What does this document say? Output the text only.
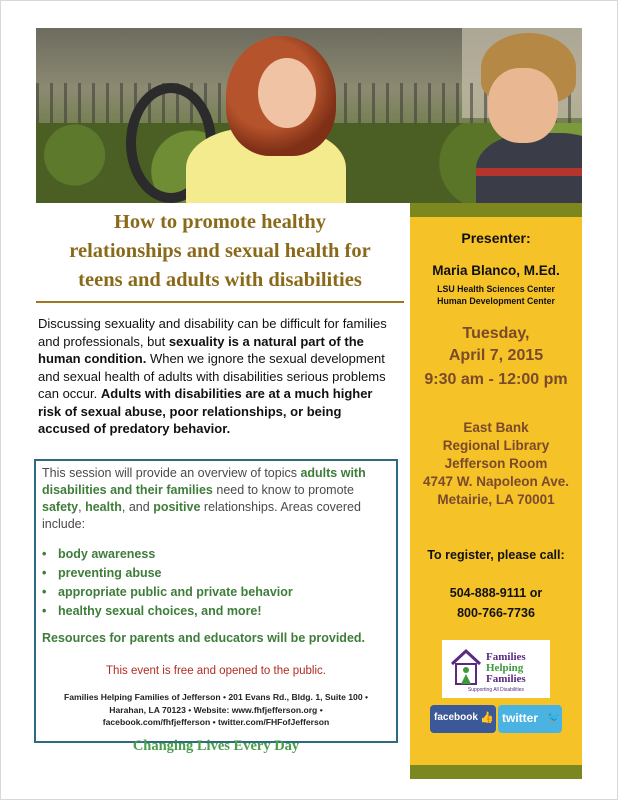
How to promote healthy
relationships and sexual health for
teens and adults with disabilities

Discussing sexuality and disability can be difficult for families and professionals, but sexuality is a natural part of the human condition. When we ignore the sexual development and sexual health of adults with disabilities serious problems can occur. Adults with disabilities are at a much higher risk of sexual abuse, poor relationships, or being accused of predatory behavior.

This session will provide an overview of topics adults with disabilities and their families need to know to promote safety, health, and positive relationships. Areas covered include:

• body awareness
• preventing abuse
• appropriate public and private behavior
• healthy sexual choices, and more!

Resources for parents and educators will be provided.

This event is free and opened to the public.

Families Helping Families of Jefferson • 201 Evans Rd., Bldg. 1, Suite 100 •
Harahan, LA 70123 • Website: www.fhfjefferson.org •
facebook.com/fhfjefferson • twitter.com/FHFofJefferson

Changing Lives Every Day

Presenter:

Maria Blanco, M.Ed.

LSU Health Sciences Center
Human Development Center

Tuesday,
April 7, 2015

9:30 am - 12:00 pm

East Bank
Regional Library
Jefferson Room
4747 W. Napoleon Ave.
Metairie, LA 70001

To register, please call:

504-888-9111 or
800-766-7736

Families
Helping
Families
Supporting All Disabilities
facebook 👍 twitter 🐦
